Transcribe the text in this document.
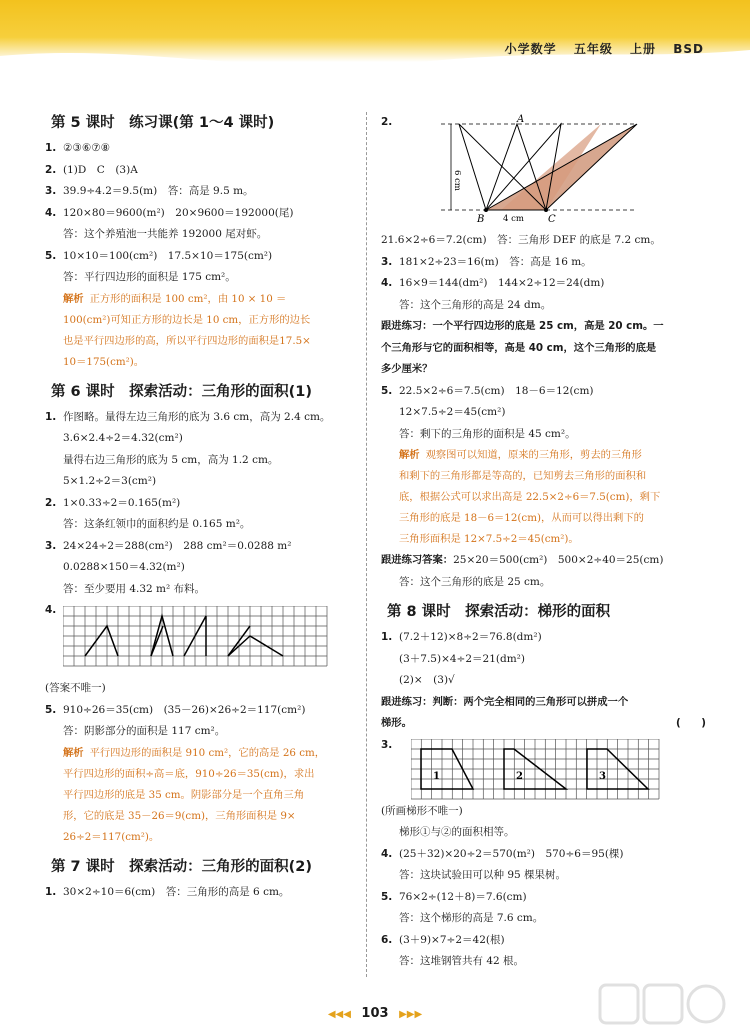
小学数学 五年级 上册 BSD
第 5 课时　练习课(第 1～4 课时)
1. ②③⑥⑦⑧
2. (1)D　C　(3)A
3. 39.9÷4.2＝9.5(m)　答：高是 9.5 m。
4. 120×80＝9600(m²)　20×9600＝192000(尾)
答：这个养殖池一共能养 192000 尾对虾。
5. 10×10＝100(cm²)　17.5×10＝175(cm²)
答：平行四边形的面积是 175 cm²。
解析 正方形的面积是 100 cm²，由 10 × 10 ＝
100(cm²)可知正方形的边长是 10 cm，正方形的边长
也是平行四边形的高，所以平行四边形的面积是17.5×
10＝175(cm²)。
第 6 课时　探索活动：三角形的面积(1)
1. 作图略。量得左边三角形的底为 3.6 cm，高为 2.4 cm。
3.6×2.4÷2＝4.32(cm²)
量得右边三角形的底为 5 cm，高为 1.2 cm。
5×1.2÷2＝3(cm²)
2. 1×0.33÷2＝0.165(m²)
答：这条红领巾的面积约是 0.165 m²。
3. 24×24÷2＝288(cm²)　288 cm²＝0.0288 m²
0.0288×150＝4.32(m²)
答：至少要用 4.32 m² 布料。
4.
(答案不唯一)
5. 910÷26＝35(cm)　(35－26)×26÷2＝117(cm²)
答：阴影部分的面积是 117 cm²。
解析 平行四边形的面积是 910 cm²，它的高是 26 cm，
平行四边形的面积÷高＝底，910÷26＝35(cm)，求出
平行四边形的底是 35 cm。阴影部分是一个直角三角
形，它的底是 35－26＝9(cm)，三角形面积是 9×
26÷2＝117(cm²)。
第 7 课时　探索活动：三角形的面积(2)
1. 30×2÷10＝6(cm)　答：三角形的高是 6 cm。
2.	A
B	C
6 cm
4 cm
21.6×2÷6＝7.2(cm)　答：三角形 DEF 的底是 7.2 cm。
3. 181×2÷23＝16(m)　答：高是 16 m。
4. 16×9＝144(dm²)　144×2÷12＝24(dm)
答：这个三角形的高是 24 dm。
跟进练习：一个平行四边形的底是 25 cm，高是 20 cm。一
个三角形与它的面积相等，高是 40 cm，这个三角形的底是
多少厘米？
5. 22.5×2÷6＝7.5(cm)　18－6＝12(cm)
12×7.5÷2＝45(cm²)
答：剩下的三角形的面积是 45 cm²。
解析 观察图可以知道，原来的三角形，剪去的三角形
和剩下的三角形都是等高的，已知剪去三角形的面积和
底，根据公式可以求出高是 22.5×2÷6＝7.5(cm)，剩下
三角形的底是 18－6＝12(cm)，从而可以得出剩下的
三角形面积是 12×7.5÷2＝45(cm²)。
跟进练习答案：25×20＝500(cm²)　500×2÷40＝25(cm)
答：这个三角形的底是 25 cm。
第 8 课时　探索活动：梯形的面积
1. (7.2＋12)×8÷2＝76.8(dm²)
(3＋7.5)×4÷2＝21(dm²)
(2)×　(3)√
跟进练习：判断：两个完全相同的三角形可以拼成一个
梯形。	(　　)
3.
1	2	3
(所画梯形不唯一)
梯形①与②的面积相等。
4. (25＋32)×20÷2＝570(m²)　570÷6＝95(棵)
答：这块试验田可以种 95 棵果树。
5. 76×2÷(12＋8)＝7.6(cm)
答：这个梯形的高是 7.6 cm。
6. (3＋9)×7÷2＝42(根)
答：这堆钢管共有 42 根。
◀◀◀ 103 ▶▶▶
